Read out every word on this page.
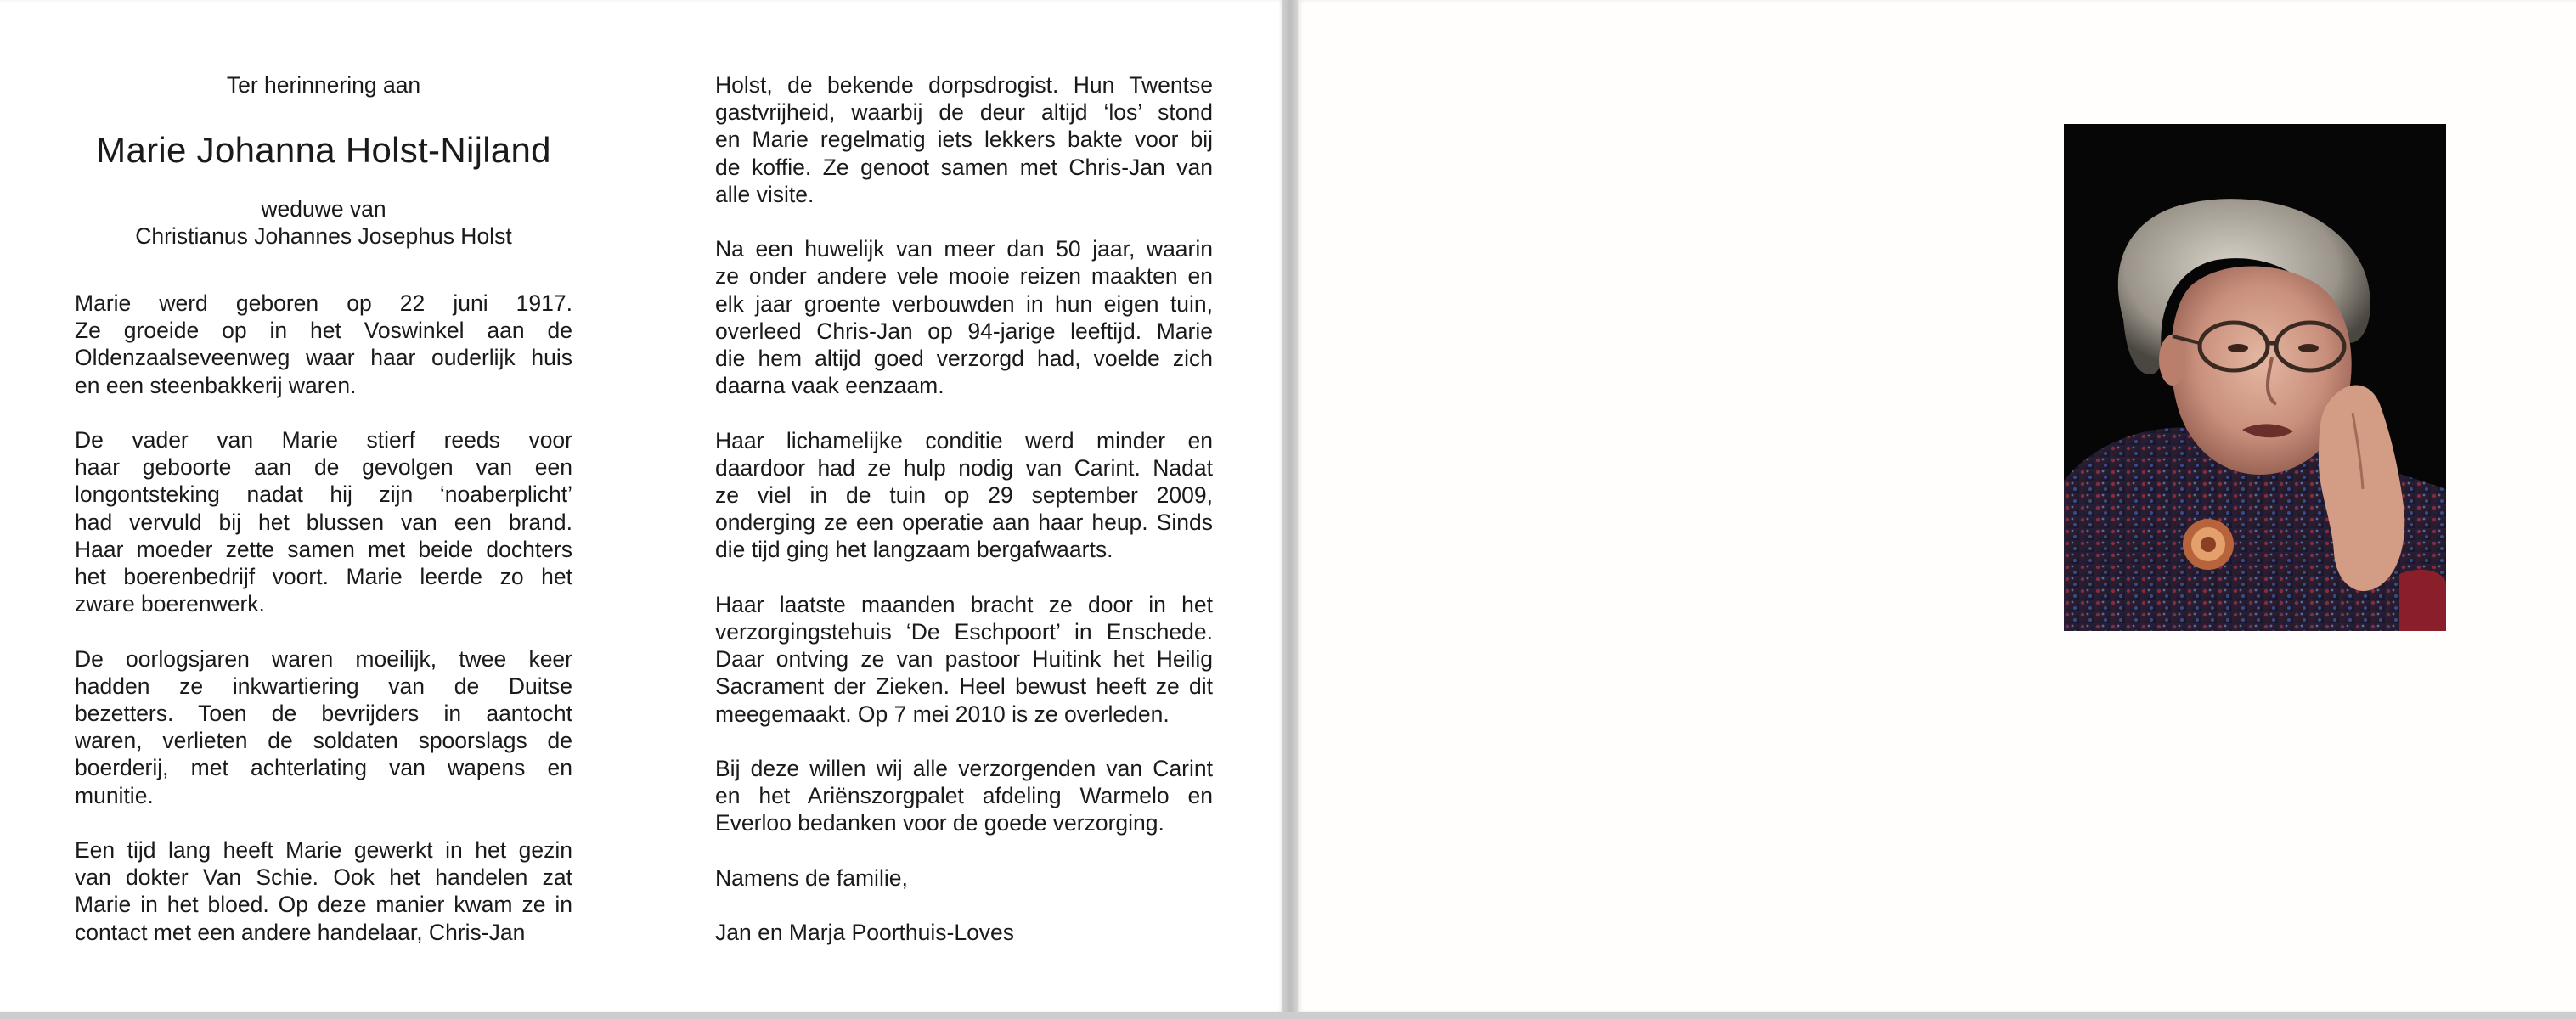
Ter herinnering aan
Marie Johanna Holst-Nijland
weduwe van
Christianus Johannes Josephus Holst
Marie werd geboren op 22 juni 1917.
Ze groeide op in het Voswinkel aan de
Oldenzaalseveenweg waar haar ouderlijk huis
en een steenbakkerij waren.
De vader van Marie stierf reeds voor
haar geboorte aan de gevolgen van een
longontsteking nadat hij zijn ‘noaberplicht’
had vervuld bij het blussen van een brand.
Haar moeder zette samen met beide dochters
het boerenbedrijf voort. Marie leerde zo het
zware boerenwerk.
De oorlogsjaren waren moeilijk, twee keer
hadden ze inkwartiering van de Duitse
bezetters. Toen de bevrijders in aantocht
waren, verlieten de soldaten spoorslags de
boerderij, met achterlating van wapens en
munitie.
Een tijd lang heeft Marie gewerkt in het gezin
van dokter Van Schie. Ook het handelen zat
Marie in het bloed. Op deze manier kwam ze in
contact met een andere handelaar, Chris-Jan
Holst, de bekende dorpsdrogist. Hun Twentse
gastvrijheid, waarbij de deur altijd ‘los’ stond
en Marie regelmatig iets lekkers bakte voor bij
de koffie. Ze genoot samen met Chris-Jan van
alle visite.
Na een huwelijk van meer dan 50 jaar, waarin
ze onder andere vele mooie reizen maakten en
elk jaar groente verbouwden in hun eigen tuin,
overleed Chris-Jan op 94-jarige leeftijd. Marie
die hem altijd goed verzorgd had, voelde zich
daarna vaak eenzaam.
Haar lichamelijke conditie werd minder en
daardoor had ze hulp nodig van Carint. Nadat
ze viel in de tuin op 29 september 2009,
onderging ze een operatie aan haar heup. Sinds
die tijd ging het langzaam bergafwaarts.
Haar laatste maanden bracht ze door in het
verzorgingstehuis ‘De Eschpoort’ in Enschede.
Daar ontving ze van pastoor Huitink het Heilig
Sacrament der Zieken. Heel bewust heeft ze dit
meegemaakt. Op 7 mei 2010 is ze overleden.
Bij deze willen wij alle verzorgenden van Carint
en het Ariënszorgpalet afdeling Warmelo en
Everloo bedanken voor de goede verzorging.
Namens de familie,
Jan en Marja Poorthuis-Loves
